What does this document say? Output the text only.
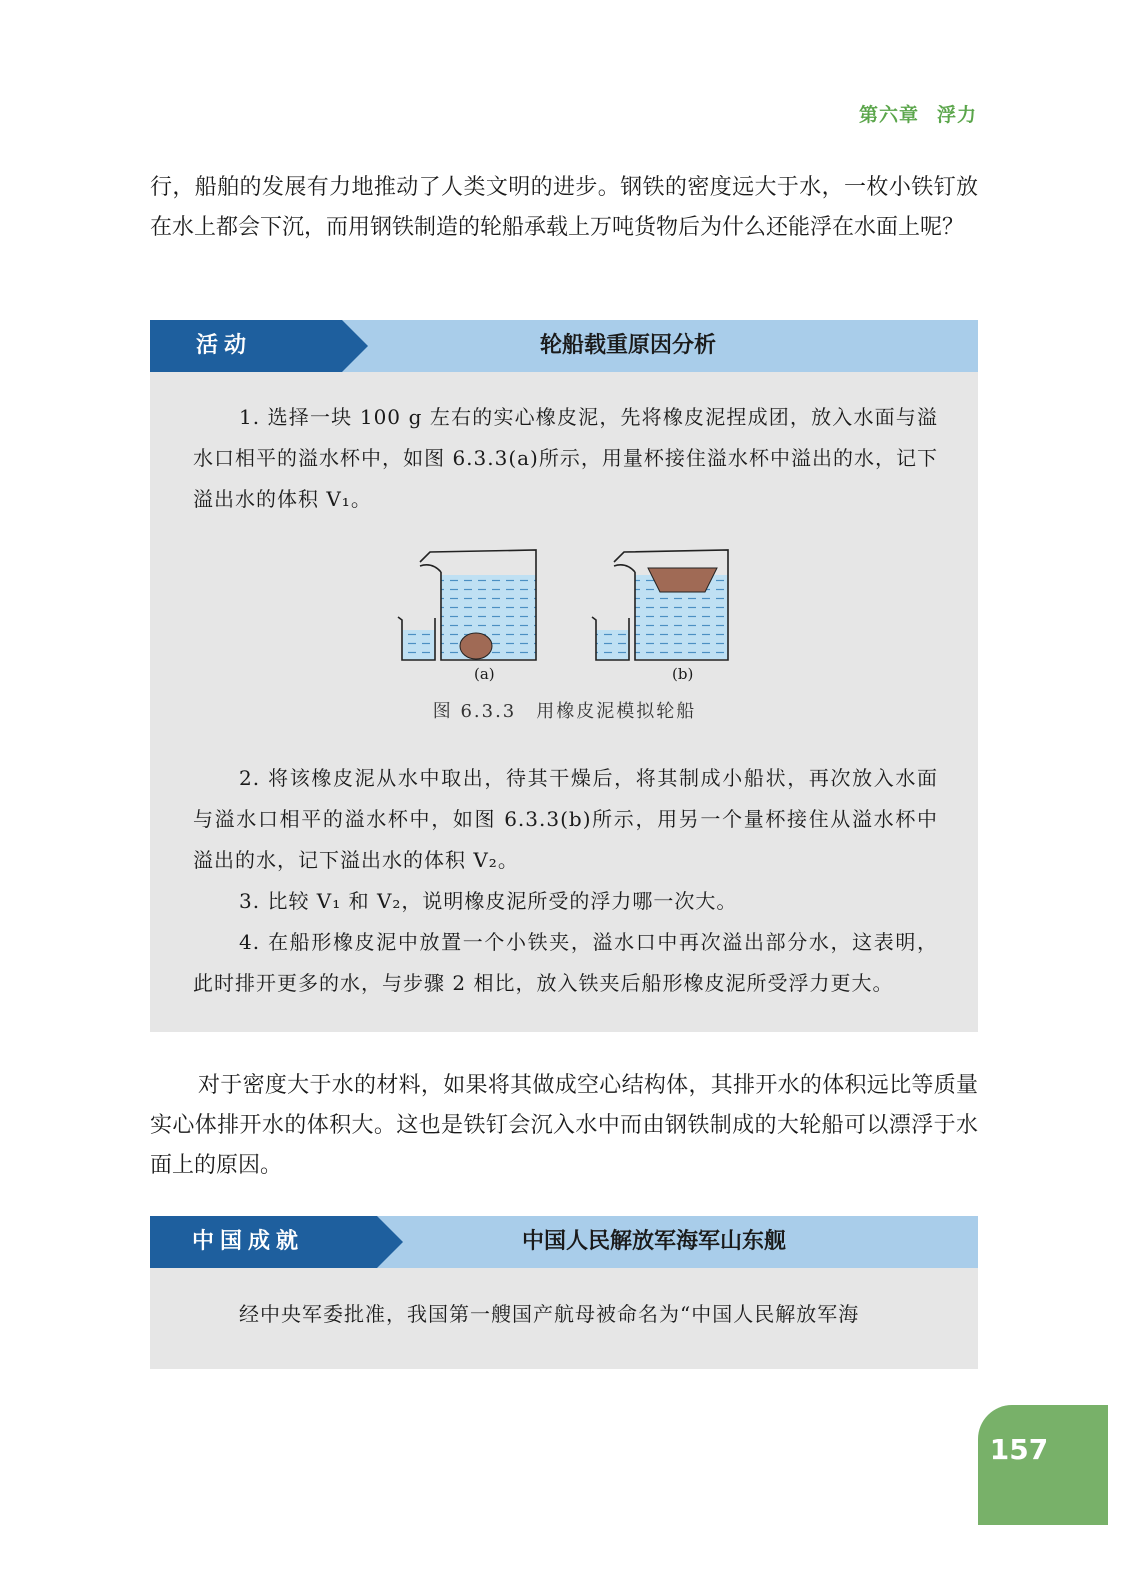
第六章 浮力

行，船舶的发展有力地推动了人类文明的进步。钢铁的密度远大于水，一枚小铁钉放在水上都会下沉，而用钢铁制造的轮船承载上万吨货物后为什么还能浮在水面上呢？

活动	轮船载重原因分析

1. 选择一块 100 g 左右的实心橡皮泥，先将橡皮泥捏成团，放入水面与溢水口相平的溢水杯中，如图 6.3.3(a)所示，用量杯接住溢水杯中溢出的水，记下溢出水的体积 V₁。

(a)	(b)
图 6.3.3 用橡皮泥模拟轮船

2. 将该橡皮泥从水中取出，待其干燥后，将其制成小船状，再次放入水面与溢水口相平的溢水杯中，如图 6.3.3(b)所示，用另一个量杯接住从溢水杯中溢出的水，记下溢出水的体积 V₂。

3. 比较 V₁ 和 V₂，说明橡皮泥所受的浮力哪一次大。

4. 在船形橡皮泥中放置一个小铁夹，溢水口中再次溢出部分水，这表明，此时排开更多的水，与步骤 2 相比，放入铁夹后船形橡皮泥所受浮力更大。

对于密度大于水的材料，如果将其做成空心结构体，其排开水的体积远比等质量实心体排开水的体积大。这也是铁钉会沉入水中而由钢铁制成的大轮船可以漂浮于水面上的原因。

中国成就	中国人民解放军海军山东舰

经中央军委批准，我国第一艘国产航母被命名为“中国人民解放军海

157
